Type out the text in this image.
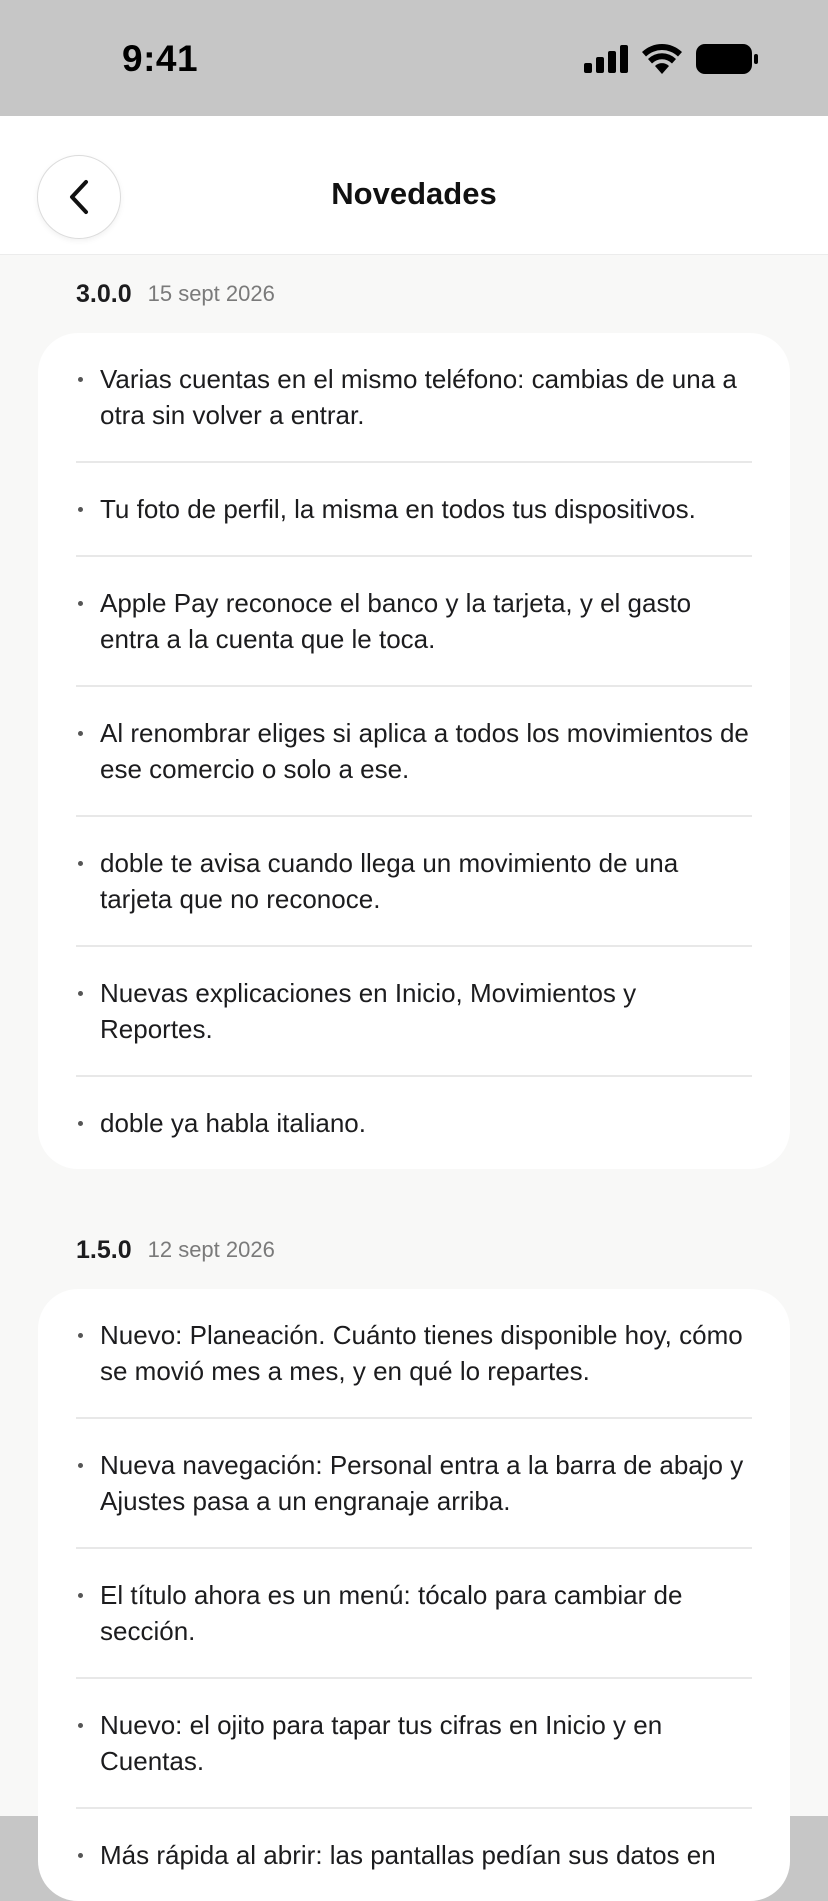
9:41
Novedades
3.0.0 15 sept 2026
Varias cuentas en el mismo teléfono: cambias de una a otra sin volver a entrar.
Tu foto de perfil, la misma en todos tus dispositivos.
Apple Pay reconoce el banco y la tarjeta, y el gasto entra a la cuenta que le toca.
Al renombrar eliges si aplica a todos los movimientos de ese comercio o solo a ese.
doble te avisa cuando llega un movimiento de una tarjeta que no reconoce.
Nuevas explicaciones en Inicio, Movimientos y Reportes.
doble ya habla italiano.
1.5.0 12 sept 2026
Nuevo: Planeación. Cuánto tienes disponible hoy, cómo se movió mes a mes, y en qué lo repartes.
Nueva navegación: Personal entra a la barra de abajo y Ajustes pasa a un engranaje arriba.
El título ahora es un menú: tócalo para cambiar de sección.
Nuevo: el ojito para tapar tus cifras en Inicio y en Cuentas.
Más rápida al abrir: las pantallas pedían sus datos en
